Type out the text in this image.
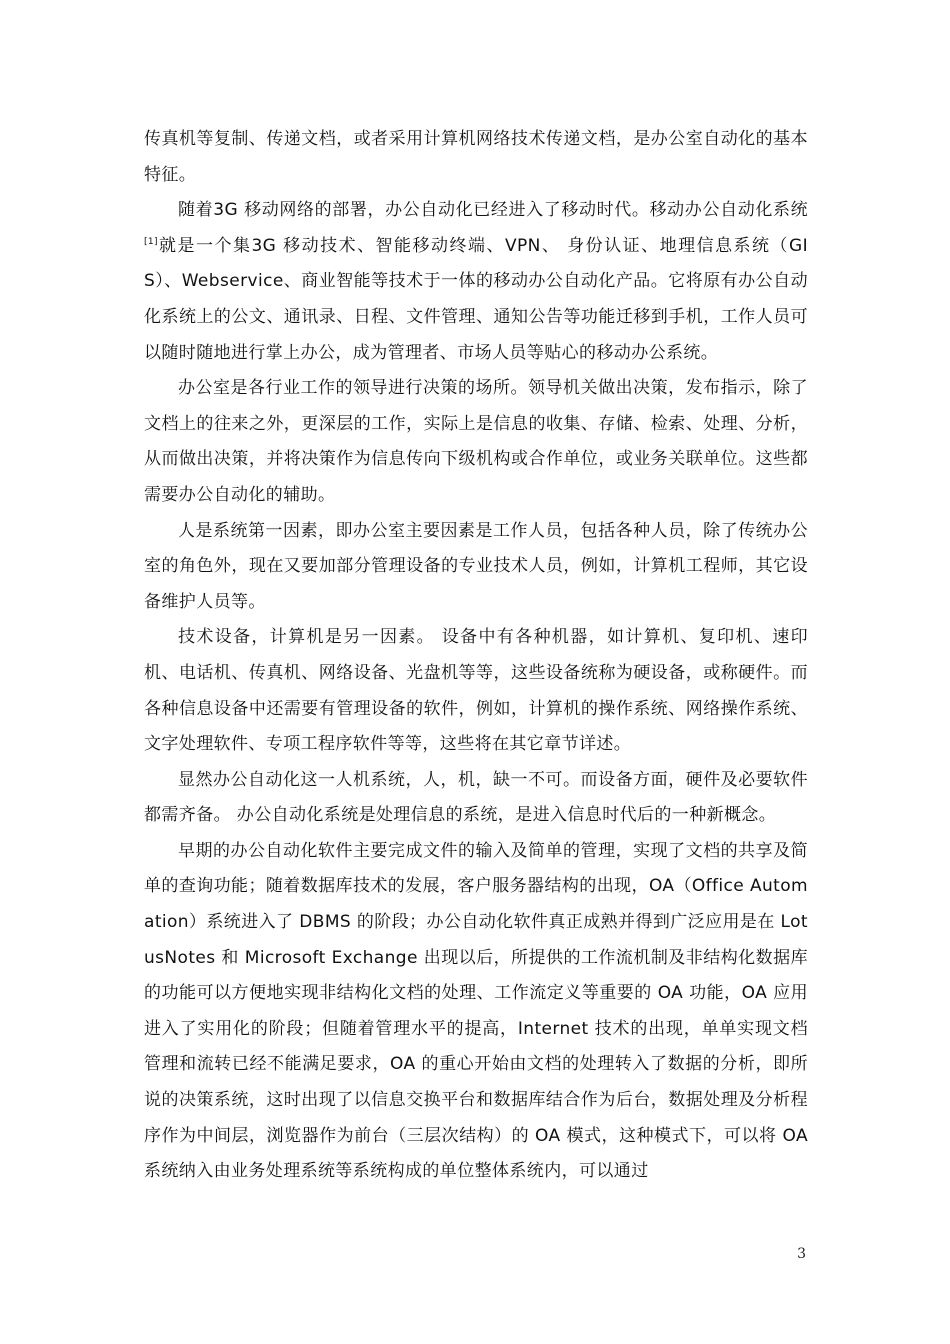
传真机等复制、传递文档，或者采用计算机网络技术传递文档，是办公室自动化的基本特征。

随着3G 移动网络的部署，办公自动化已经进入了移动时代。移动办公自动化系统[1]就是一个集3G 移动技术、智能移动终端、VPN、 身份认证、地理信息系统（GIS）、Webservice、商业智能等技术于一体的移动办公自动化产品。它将原有办公自动化系统上的公文、通讯录、日程、文件管理、通知公告等功能迁移到手机，工作人员可以随时随地进行掌上办公，成为管理者、市场人员等贴心的移动办公系统。

办公室是各行业工作的领导进行决策的场所。领导机关做出决策，发布指示，除了文档上的往来之外，更深层的工作，实际上是信息的收集、存储、检索、处理、分析，从而做出决策，并将决策作为信息传向下级机构或合作单位，或业务关联单位。这些都需要办公自动化的辅助。

人是系统第一因素，即办公室主要因素是工作人员，包括各种人员，除了传统办公室的角色外，现在又要加部分管理设备的专业技术人员，例如，计算机工程师，其它设备维护人员等。

技术设备，计算机是另一因素。 设备中有各种机器，如计算机、复印机、速印机、电话机、传真机、网络设备、光盘机等等，这些设备统称为硬设备，或称硬件。而各种信息设备中还需要有管理设备的软件，例如，计算机的操作系统、网络操作系统、文字处理软件、专项工程序软件等等，这些将在其它章节详述。

显然办公自动化这一人机系统，人，机，缺一不可。而设备方面，硬件及必要软件都需齐备。 办公自动化系统是处理信息的系统，是进入信息时代后的一种新概念。

早期的办公自动化软件主要完成文件的输入及简单的管理，实现了文档的共享及简单的查询功能；随着数据库技术的发展，客户服务器结构的出现，OA（Office Automation）系统进入了 DBMS 的阶段；办公自动化软件真正成熟并得到广泛应用是在 LotusNotes 和 Microsoft Exchange 出现以后，所提供的工作流机制及非结构化数据库的功能可以方便地实现非结构化文档的处理、工作流定义等重要的 OA 功能，OA 应用进入了实用化的阶段；但随着管理水平的提高，Internet 技术的出现，单单实现文档管理和流转已经不能满足要求，OA 的重心开始由文档的处理转入了数据的分析，即所说的决策系统，这时出现了以信息交换平台和数据库结合作为后台，数据处理及分析程序作为中间层，浏览器作为前台（三层次结构）的 OA 模式，这种模式下，可以将 OA 系统纳入由业务处理系统等系统构成的单位整体系统内，可以通过

3
